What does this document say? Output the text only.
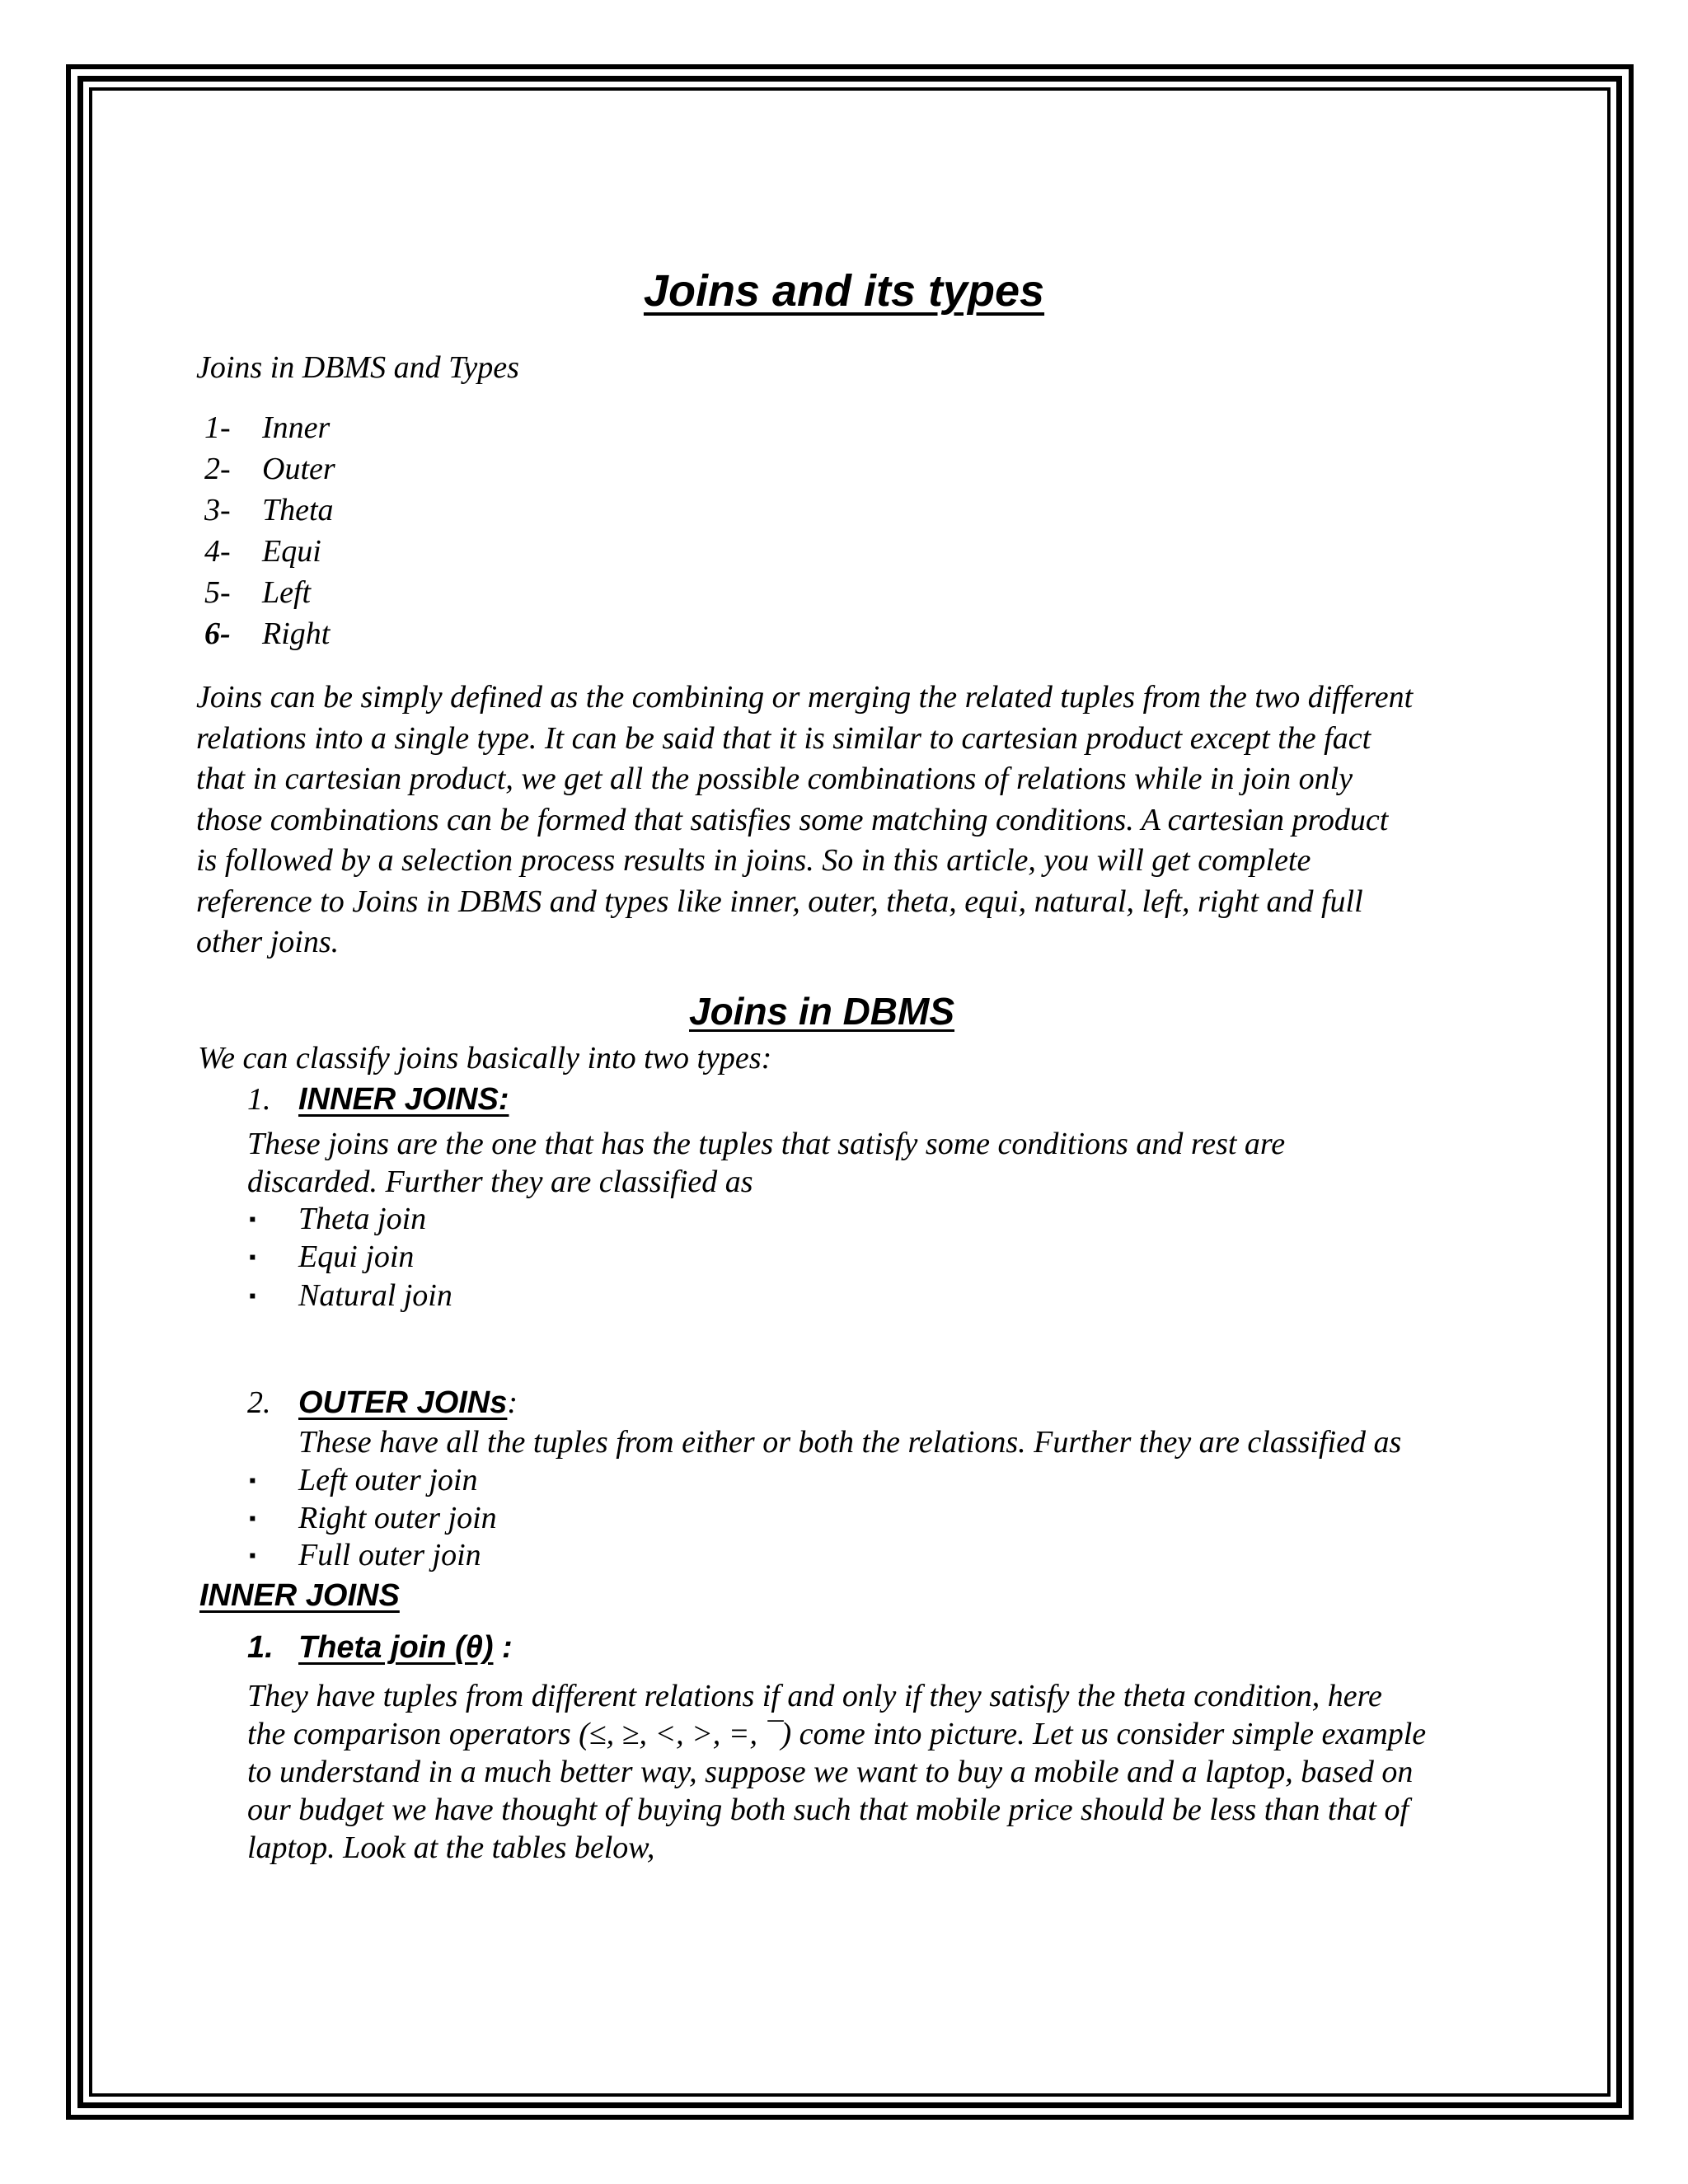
Joins and its types
Joins in DBMS and Types
1- Inner
2- Outer
3- Theta
4- Equi
5- Left
6- Right
Joins can be simply defined as the combining or merging the related tuples from the two different
relations into a single type. It can be said that it is similar to cartesian product except the fact
that in cartesian product, we get all the possible combinations of relations while in join only
those combinations can be formed that satisfies some matching conditions. A cartesian product
is followed by a selection process results in joins. So in this article, you will get complete
reference to Joins in DBMS and types like inner, outer, theta, equi, natural, left, right and full
other joins.
Joins in DBMS
We can classify joins basically into two types:
1. INNER JOINS:
These joins are the one that has the tuples that satisfy some conditions and rest are
discarded. Further they are classified as
▪ Theta join
▪ Equi join
▪ Natural join
2. OUTER JOINs:
These have all the tuples from either or both the relations. Further they are classified as
▪ Left outer join
▪ Right outer join
▪ Full outer join
INNER JOINS
1. Theta join (θ) :
They have tuples from different relations if and only if they satisfy the theta condition, here
the comparison operators (≤, ≥, <, >, =, ¯) come into picture. Let us consider simple example
to understand in a much better way, suppose we want to buy a mobile and a laptop, based on
our budget we have thought of buying both such that mobile price should be less than that of
laptop. Look at the tables below,
